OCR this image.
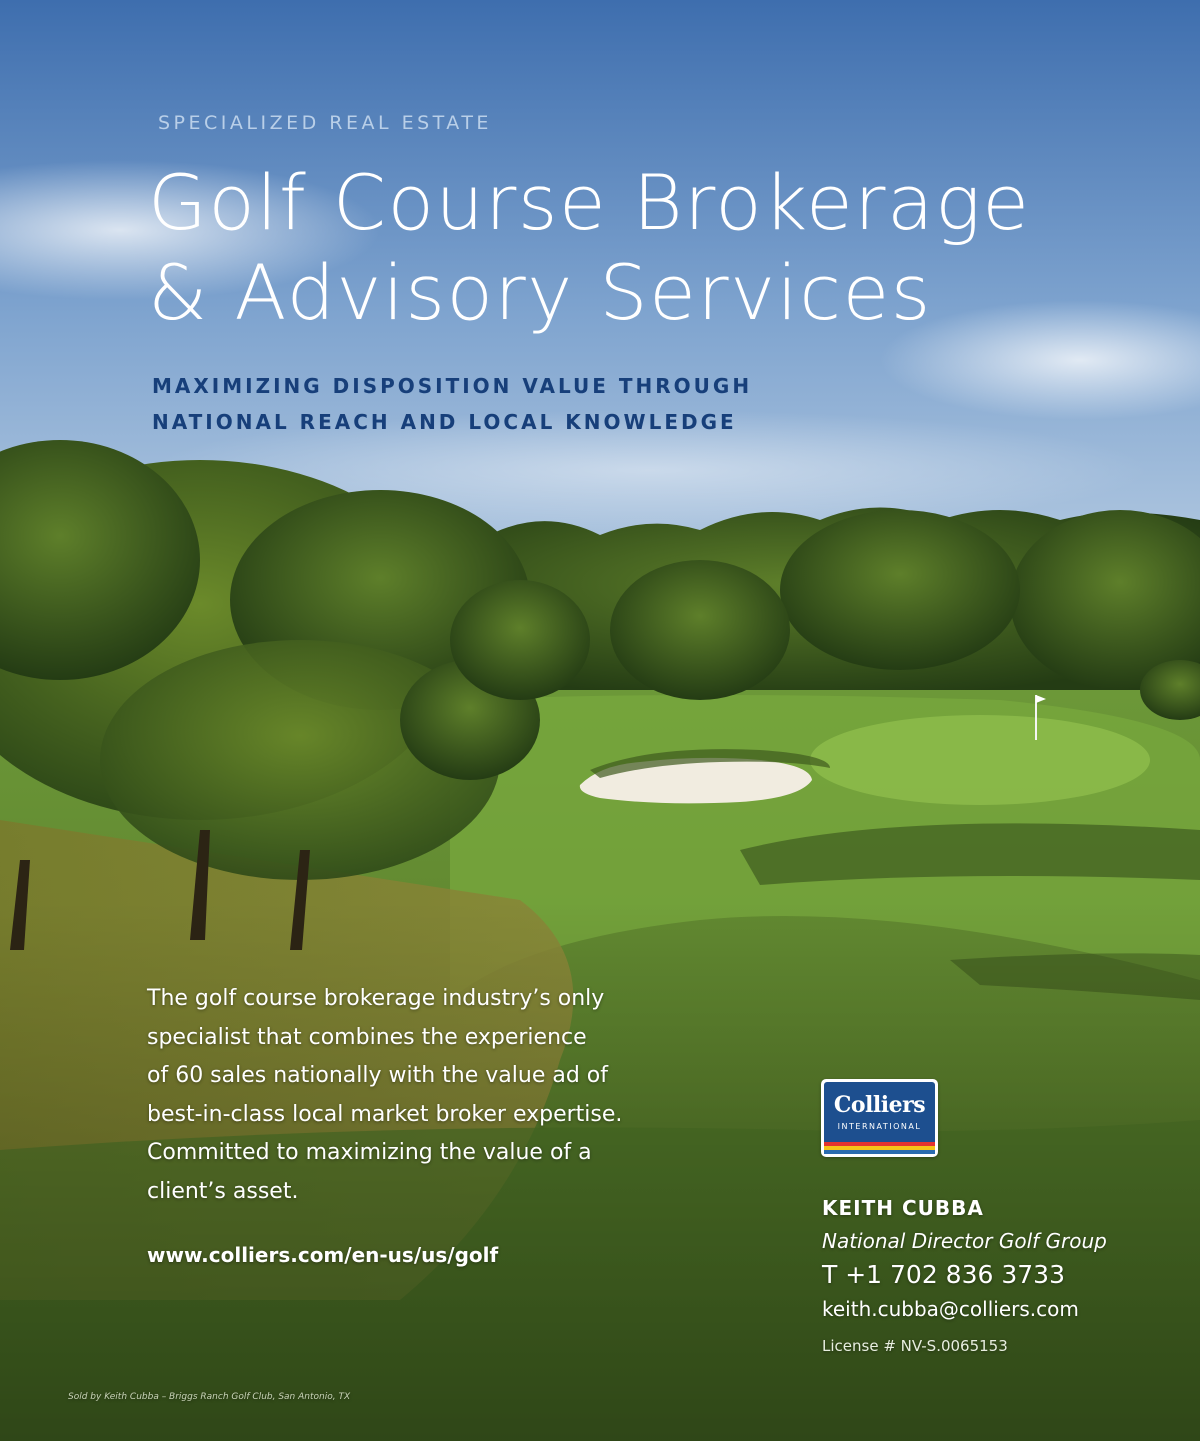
SPECIALIZED REAL ESTATE

Golf Course Brokerage
& Advisory Services
MAXIMIZING DISPOSITION VALUE THROUGH
NATIONAL REACH AND LOCAL KNOWLEDGE
The golf course brokerage industry’s only
specialist that combines the experience
of 60 sales nationally with the value ad of
best-in-class local market broker expertise.
Committed to maximizing the value of a
client’s asset.
www.colliers.com/en-us/us/golf
Colliers
INTERNATIONAL

KEITH CUBBA

National Director Golf Group

T +1 702 836 3733

keith.cubba@colliers.com

License # NV-S.0065153

Sold by Keith Cubba – Briggs Ranch Golf Club, San Antonio, TX
